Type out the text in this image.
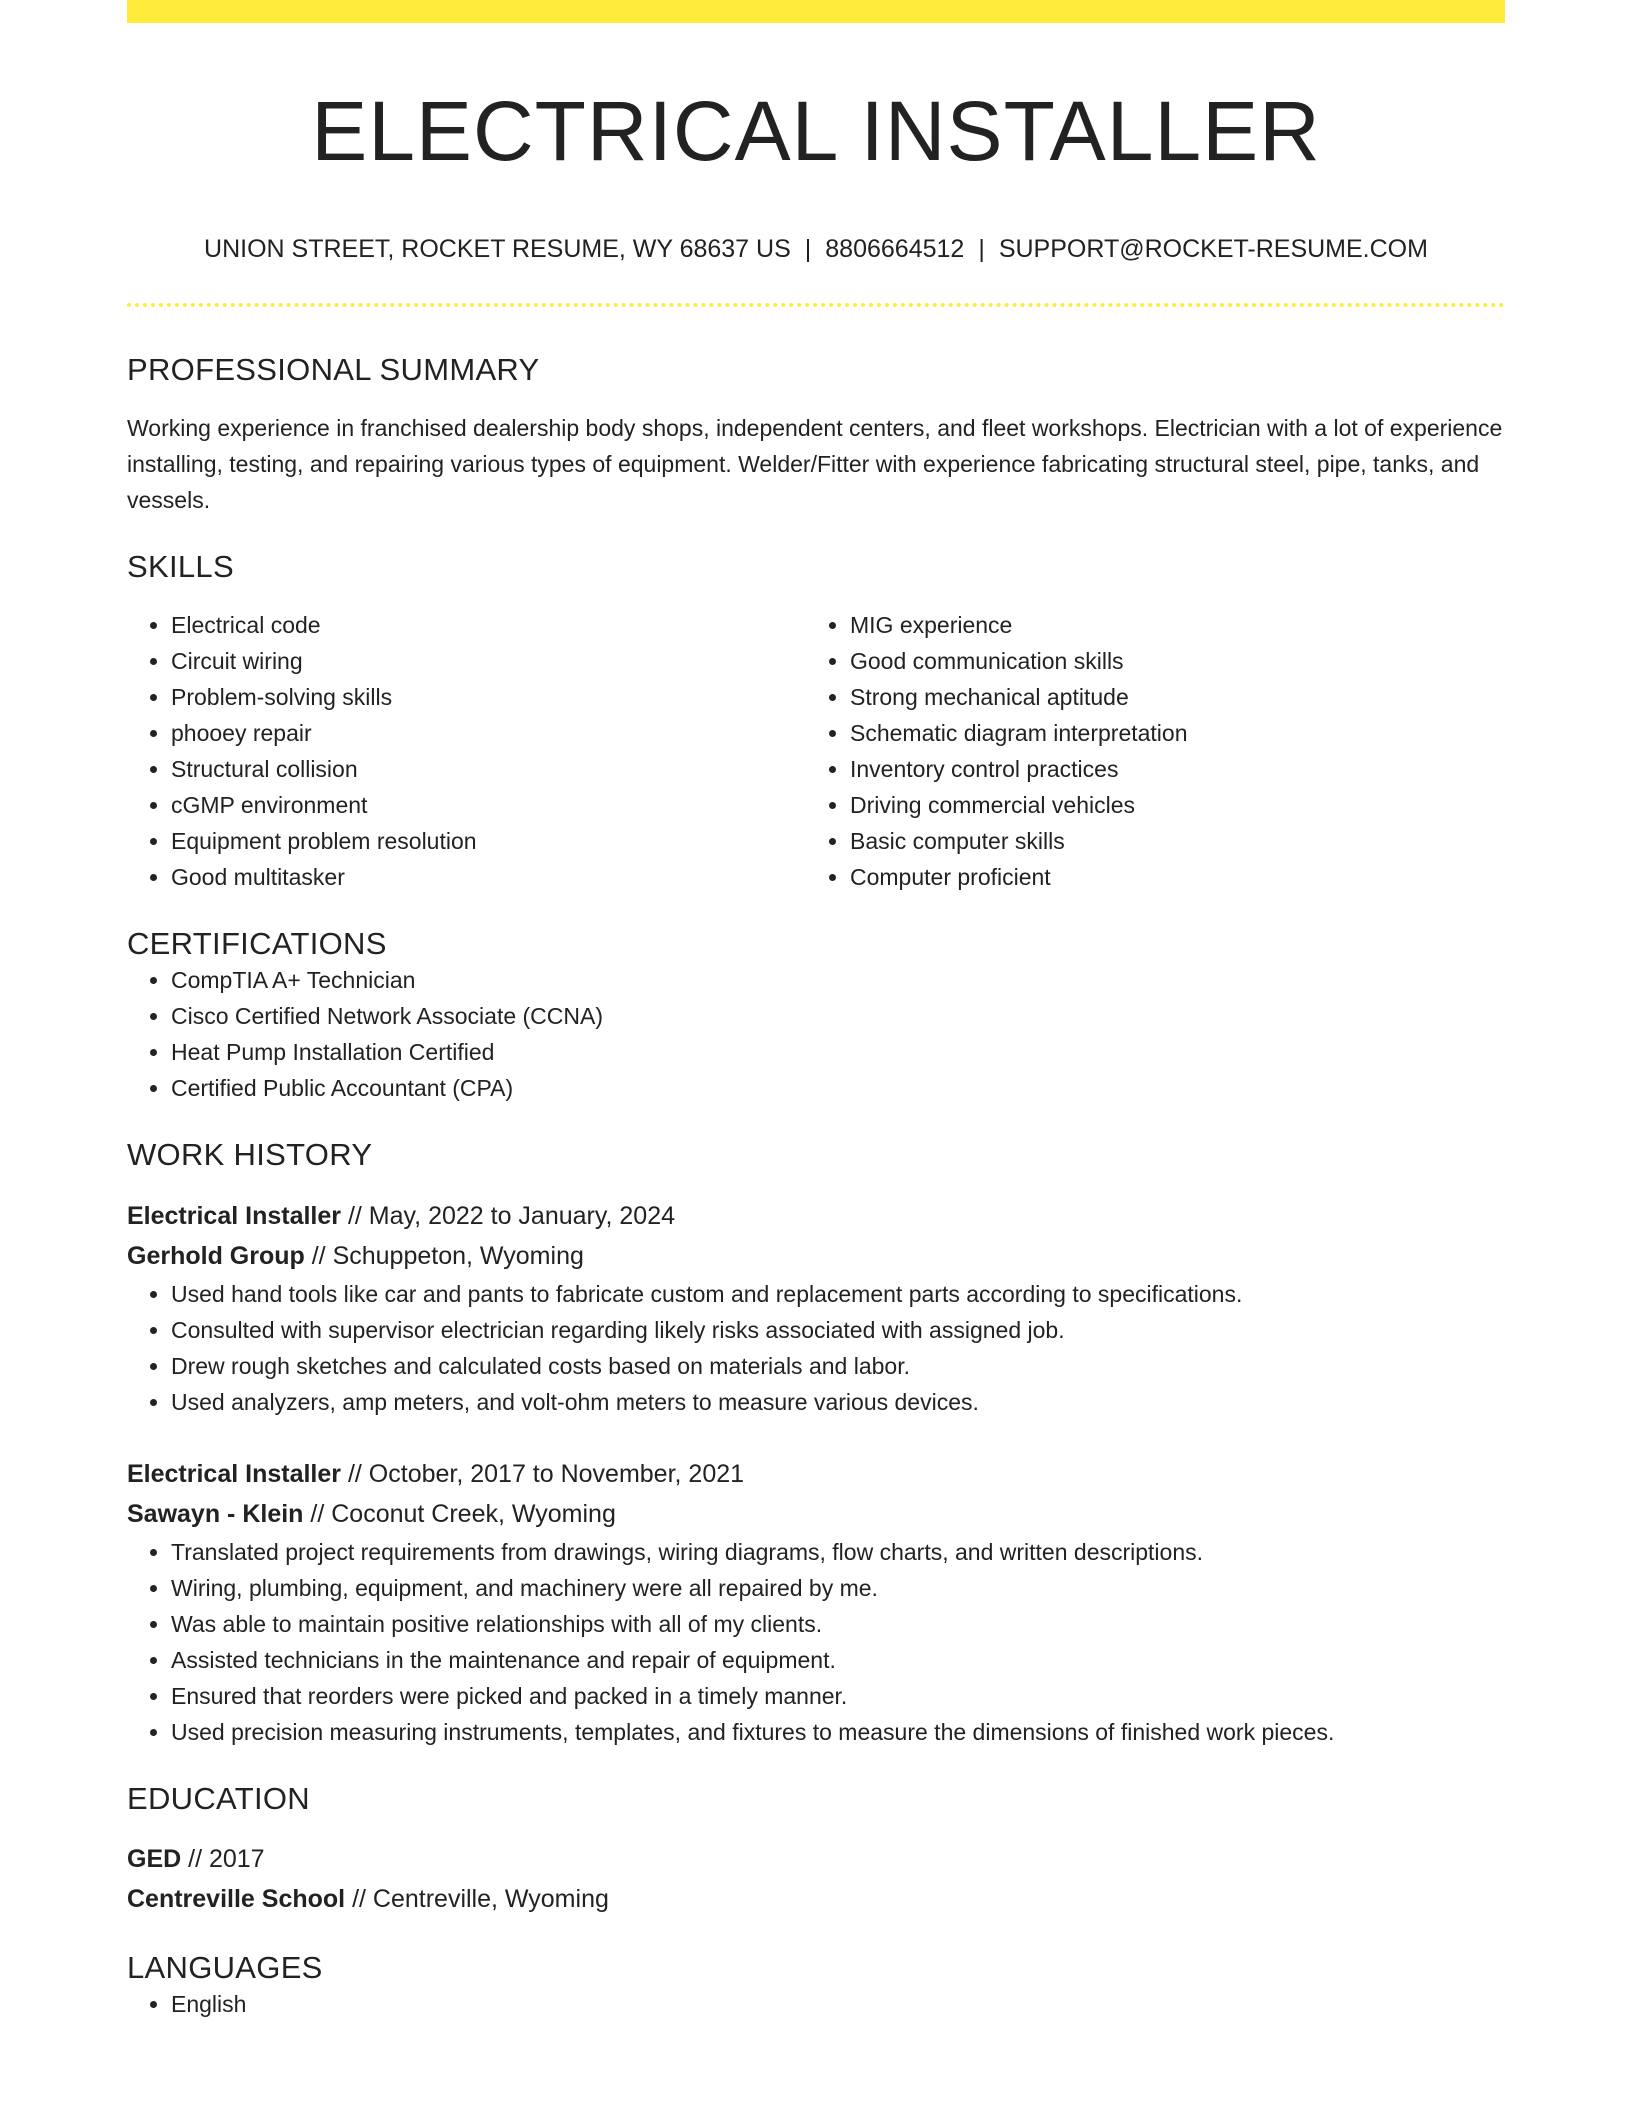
ELECTRICAL INSTALLER
UNION STREET, ROCKET RESUME, WY 68637 US | 8806664512 | SUPPORT@ROCKET-RESUME.COM
PROFESSIONAL SUMMARY
Working experience in franchised dealership body shops, independent centers, and fleet workshops. Electrician with a lot of experience installing, testing, and repairing various types of equipment. Welder/Fitter with experience fabricating structural steel, pipe, tanks, and vessels.
SKILLS
• Electrical code
• Circuit wiring
• Problem-solving skills
• phooey repair
• Structural collision
• cGMP environment
• Equipment problem resolution
• Good multitasker
• MIG experience
• Good communication skills
• Strong mechanical aptitude
• Schematic diagram interpretation
• Inventory control practices
• Driving commercial vehicles
• Basic computer skills
• Computer proficient
CERTIFICATIONS
• CompTIA A+ Technician
• Cisco Certified Network Associate (CCNA)
• Heat Pump Installation Certified
• Certified Public Accountant (CPA)
WORK HISTORY
Electrical Installer // May, 2022 to January, 2024
Gerhold Group // Schuppeton, Wyoming
• Used hand tools like car and pants to fabricate custom and replacement parts according to specifications.
• Consulted with supervisor electrician regarding likely risks associated with assigned job.
• Drew rough sketches and calculated costs based on materials and labor.
• Used analyzers, amp meters, and volt-ohm meters to measure various devices.
Electrical Installer // October, 2017 to November, 2021
Sawayn - Klein // Coconut Creek, Wyoming
• Translated project requirements from drawings, wiring diagrams, flow charts, and written descriptions.
• Wiring, plumbing, equipment, and machinery were all repaired by me.
• Was able to maintain positive relationships with all of my clients.
• Assisted technicians in the maintenance and repair of equipment.
• Ensured that reorders were picked and packed in a timely manner.
• Used precision measuring instruments, templates, and fixtures to measure the dimensions of finished work pieces.
EDUCATION
GED // 2017
Centreville School // Centreville, Wyoming
LANGUAGES
• English
